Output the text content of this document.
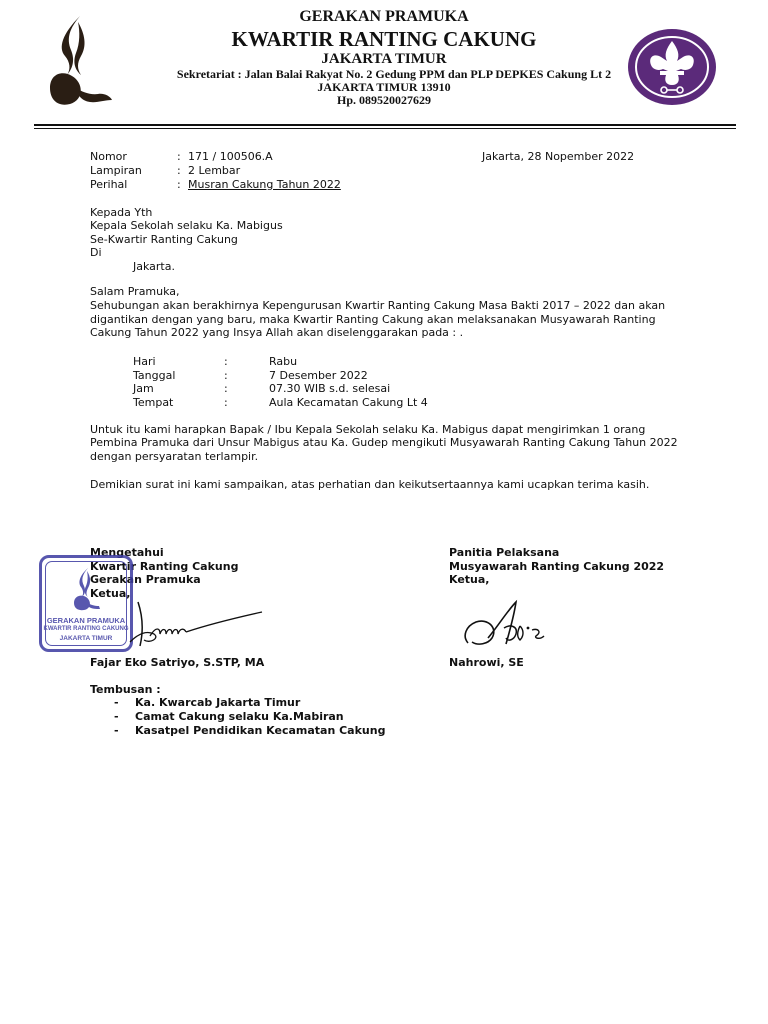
GERAKAN PRAMUKA
KWARTIR RANTING CAKUNG
JAKARTA TIMUR
Sekretariat : Jalan Balai Rakyat No. 2 Gedung PPM dan PLP DEPKES Cakung Lt 2
JAKARTA TIMUR 13910
Hp. 089520027629
Nomor	: 171 / 100506.A	Jakarta, 28 Nopember 2022
Lampiran	: 2 Lembar
Perihal	: Musran Cakung Tahun 2022
Kepada Yth
Kepala Sekolah selaku Ka. Mabigus
Se-Kwartir Ranting Cakung
Di
Jakarta.
Salam Pramuka,
Sehubungan akan berakhirnya Kepengurusan Kwartir Ranting Cakung Masa Bakti 2017 – 2022 dan akan
digantikan dengan yang baru, maka Kwartir Ranting Cakung akan melaksanakan Musyawarah Ranting
Cakung Tahun 2022 yang Insya Allah akan diselenggarakan pada : .
Hari	:	Rabu
Tanggal	:	7 Desember 2022
Jam	:	07.30 WIB s.d. selesai
Tempat	:	Aula Kecamatan Cakung Lt 4
Untuk itu kami harapkan Bapak / Ibu Kepala Sekolah selaku Ka. Mabigus dapat mengirimkan 1 orang
Pembina Pramuka dari Unsur Mabigus atau Ka. Gudep mengikuti Musyawarah Ranting Cakung Tahun 2022
dengan persyaratan terlampir.
Demikian surat ini kami sampaikan, atas perhatian dan keikutsertaannya kami ucapkan terima kasih.
Mengetahui
Kwartir Ranting Cakung
Gerakan Pramuka
Ketua,
GERAKAN PRAMUKA
KWARTIR RANTING CAKUNG
JAKARTA TIMUR
Fajar Eko Satriyo, S.STP, MA
Panitia Pelaksana
Musyawarah Ranting Cakung 2022
Ketua,
Nahrowi, SE
Tembusan :
- Ka. Kwarcab Jakarta Timur
- Camat Cakung selaku Ka.Mabiran
- Kasatpel Pendidikan Kecamatan Cakung
